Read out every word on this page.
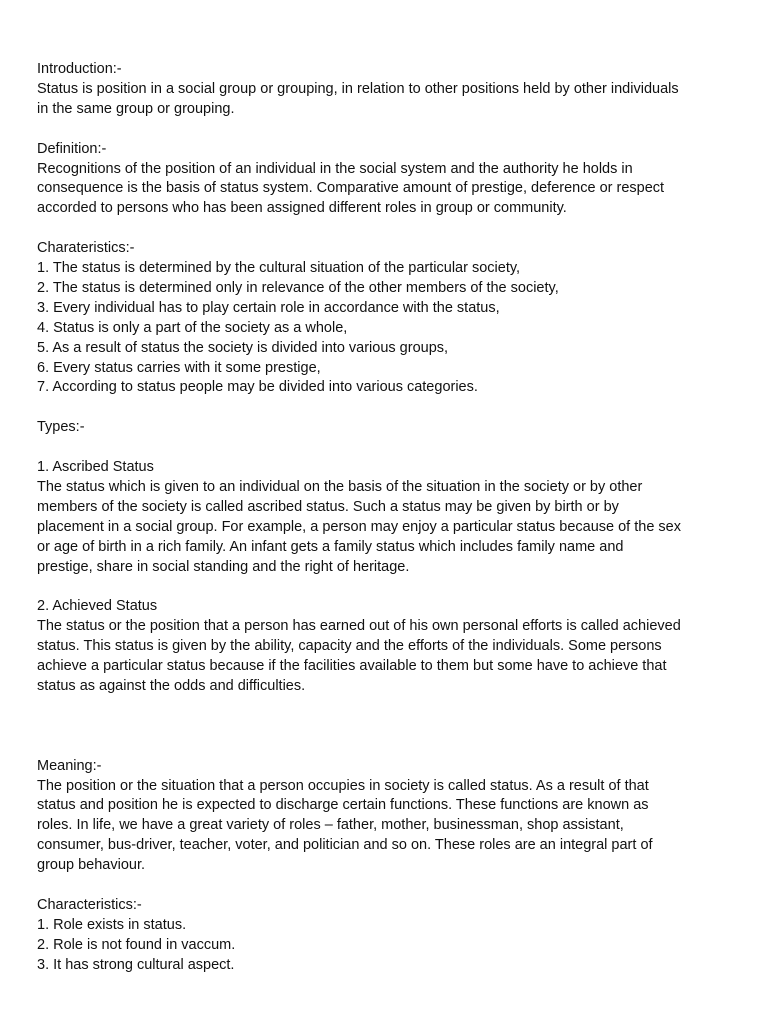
Introduction:-
Status is position in a social group or grouping, in relation to other positions held by other individuals
in the same group or grouping.
Definition:-
Recognitions of the position of an individual in the social system and the authority he holds in
consequence is the basis of status system. Comparative amount of prestige, deference or respect
accorded to persons who has been assigned different roles in group or community.
Charateristics:-
1. The status is determined by the cultural situation of the particular society,
2. The status is determined only in relevance of the other members of the society,
3. Every individual has to play certain role in accordance with the status,
4. Status is only a part of the society as a whole,
5. As a result of status the society is divided into various groups,
6. Every status carries with it some prestige,
7. According to status people may be divided into various categories.
Types:-
1. Ascribed Status
The status which is given to an individual on the basis of the situation in the society or by other
members of the society is called ascribed status. Such a status may be given by birth or by
placement in a social group. For example, a person may enjoy a particular status because of the sex
or age of birth in a rich family. An infant gets a family status which includes family name and
prestige, share in social standing and the right of heritage.
2. Achieved Status
The status or the position that a person has earned out of his own personal efforts is called achieved
status. This status is given by the ability, capacity and the efforts of the individuals. Some persons
achieve a particular status because if the facilities available to them but some have to achieve that
status as against the odds and difficulties.
Meaning:-
The position or the situation that a person occupies in society is called status. As a result of that
status and position he is expected to discharge certain functions. These functions are known as
roles. In life, we have a great variety of roles – father, mother, businessman, shop assistant,
consumer, bus-driver, teacher, voter, and politician and so on. These roles are an integral part of
group behaviour.
Characteristics:-
1. Role exists in status.
2. Role is not found in vaccum.
3. It has strong cultural aspect.
